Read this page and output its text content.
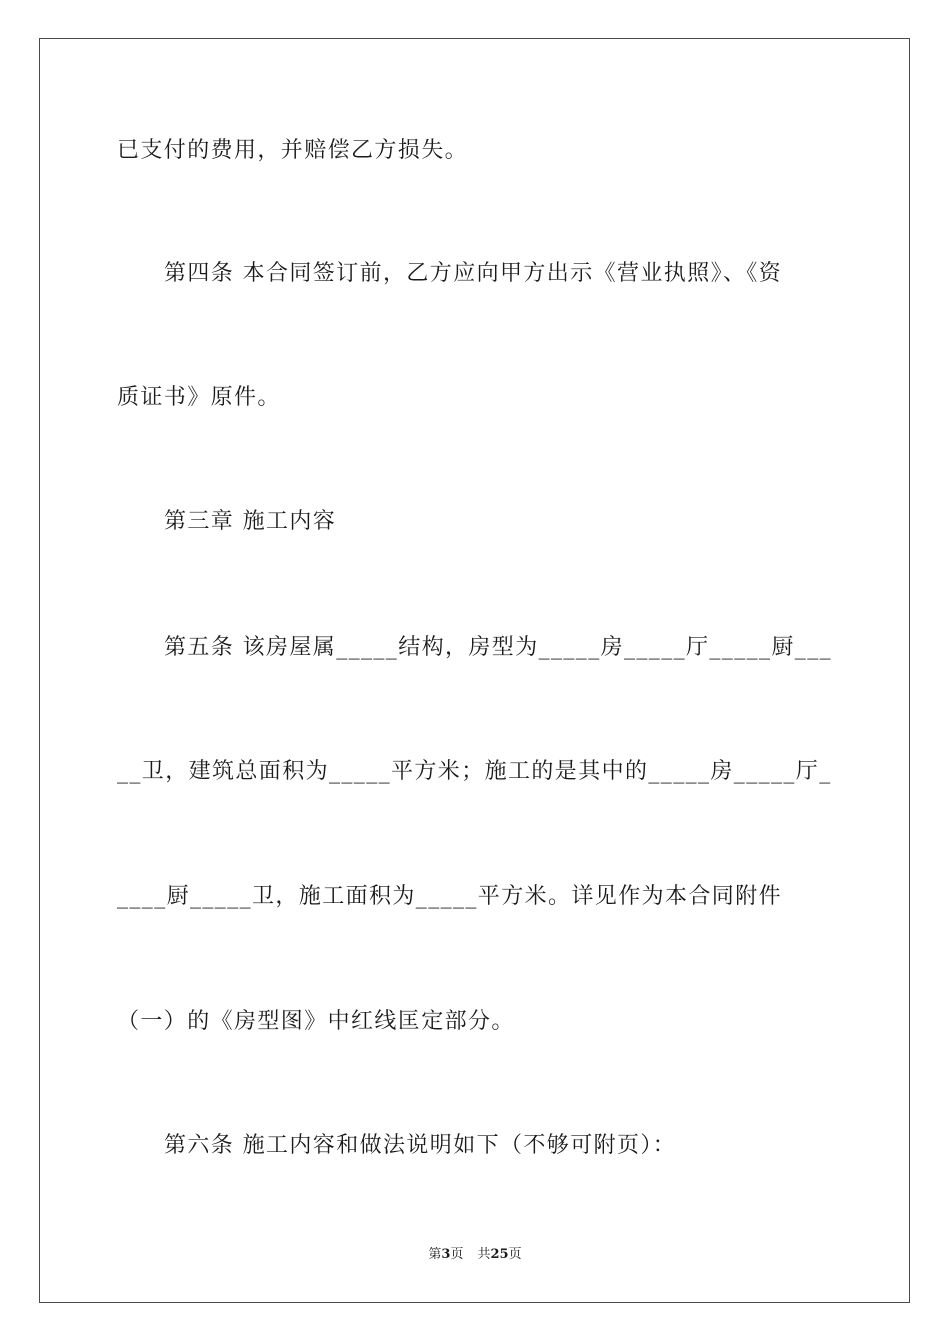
已支付的费用，并赔偿乙方损失。
第四条 本合同签订前，乙方应向甲方出示《营业执照》、《资
质证书》原件。
第三章 施工内容
第五条 该房屋属_____结构，房型为_____房_____厅_____厨___
__卫，建筑总面积为_____平方米；施工的是其中的_____房_____厅_
____厨_____卫，施工面积为_____平方米。详见作为本合同附件
（一）的《房型图》中红线匡定部分。
第六条 施工内容和做法说明如下（不够可附页）：
第3页 共25页
